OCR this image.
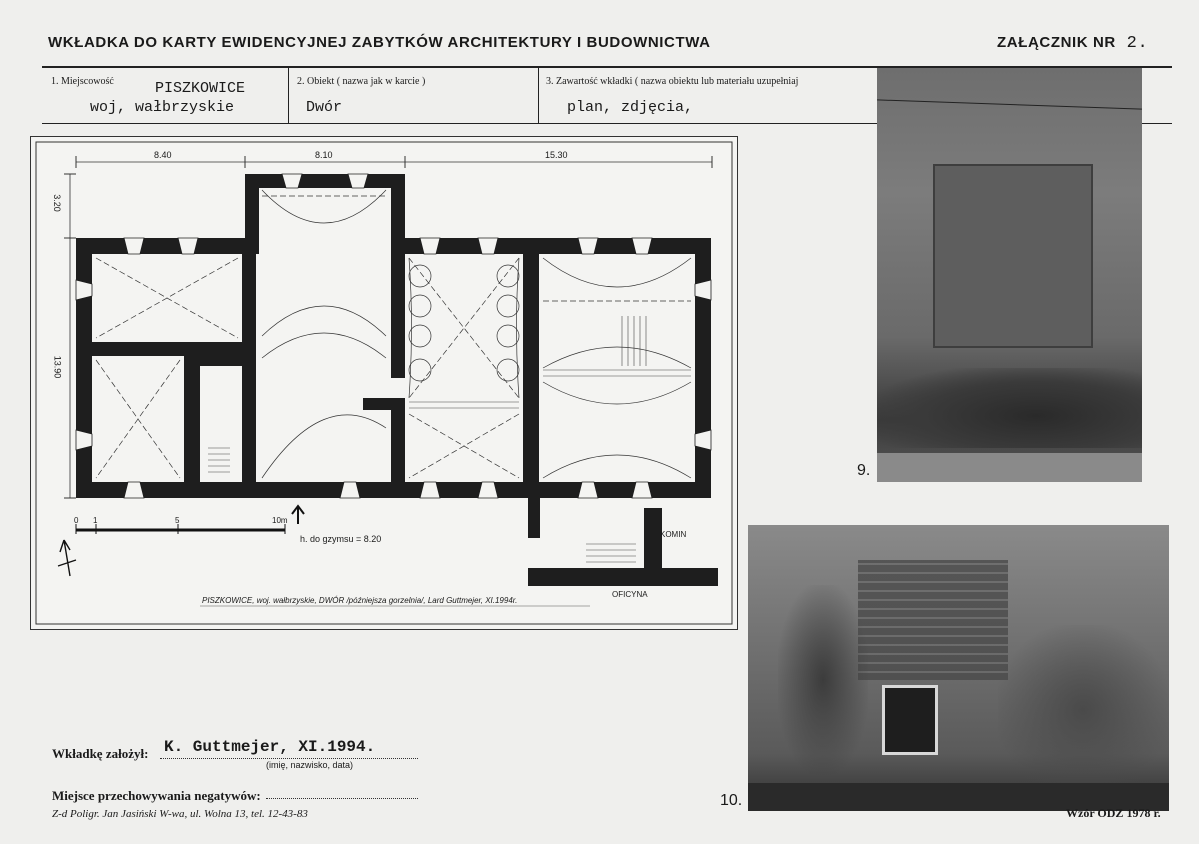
WKŁADKA DO KARTY EWIDENCYJNEJ ZABYTKÓW ARCHITEKTURY I BUDOWNICTWA	ZAŁĄCZNIK NR 2.
1. Miejscowość	PISZKOWICE
woj, wałbrzyskie
2. Obiekt ( nazwa jak w karcie )
Dwór
3. Zawartość wkładki ( nazwa obiektu lub materiału uzupełniaj
plan, zdjęcia,
8.40	8.10	15.30
3.20
13.90
0 1	5	10m
h. do gzymsu = 8.20	KOMIN
OFICYNA
PISZKOWICE, woj. wałbrzyskie, DWÓR /późniejsza gorzelnia/, Lard Guttmejer, XI.1994r.
9.
10.
Wkładkę założył: K. Guttmejer, XI.1994.
(imię, nazwisko, data)
Miejsce przechowywania negatywów:
Z-d Poligr. Jan Jasiński W-wa, ul. Wolna 13, tel. 12-43-83	Wzór ODZ 1978 r.
